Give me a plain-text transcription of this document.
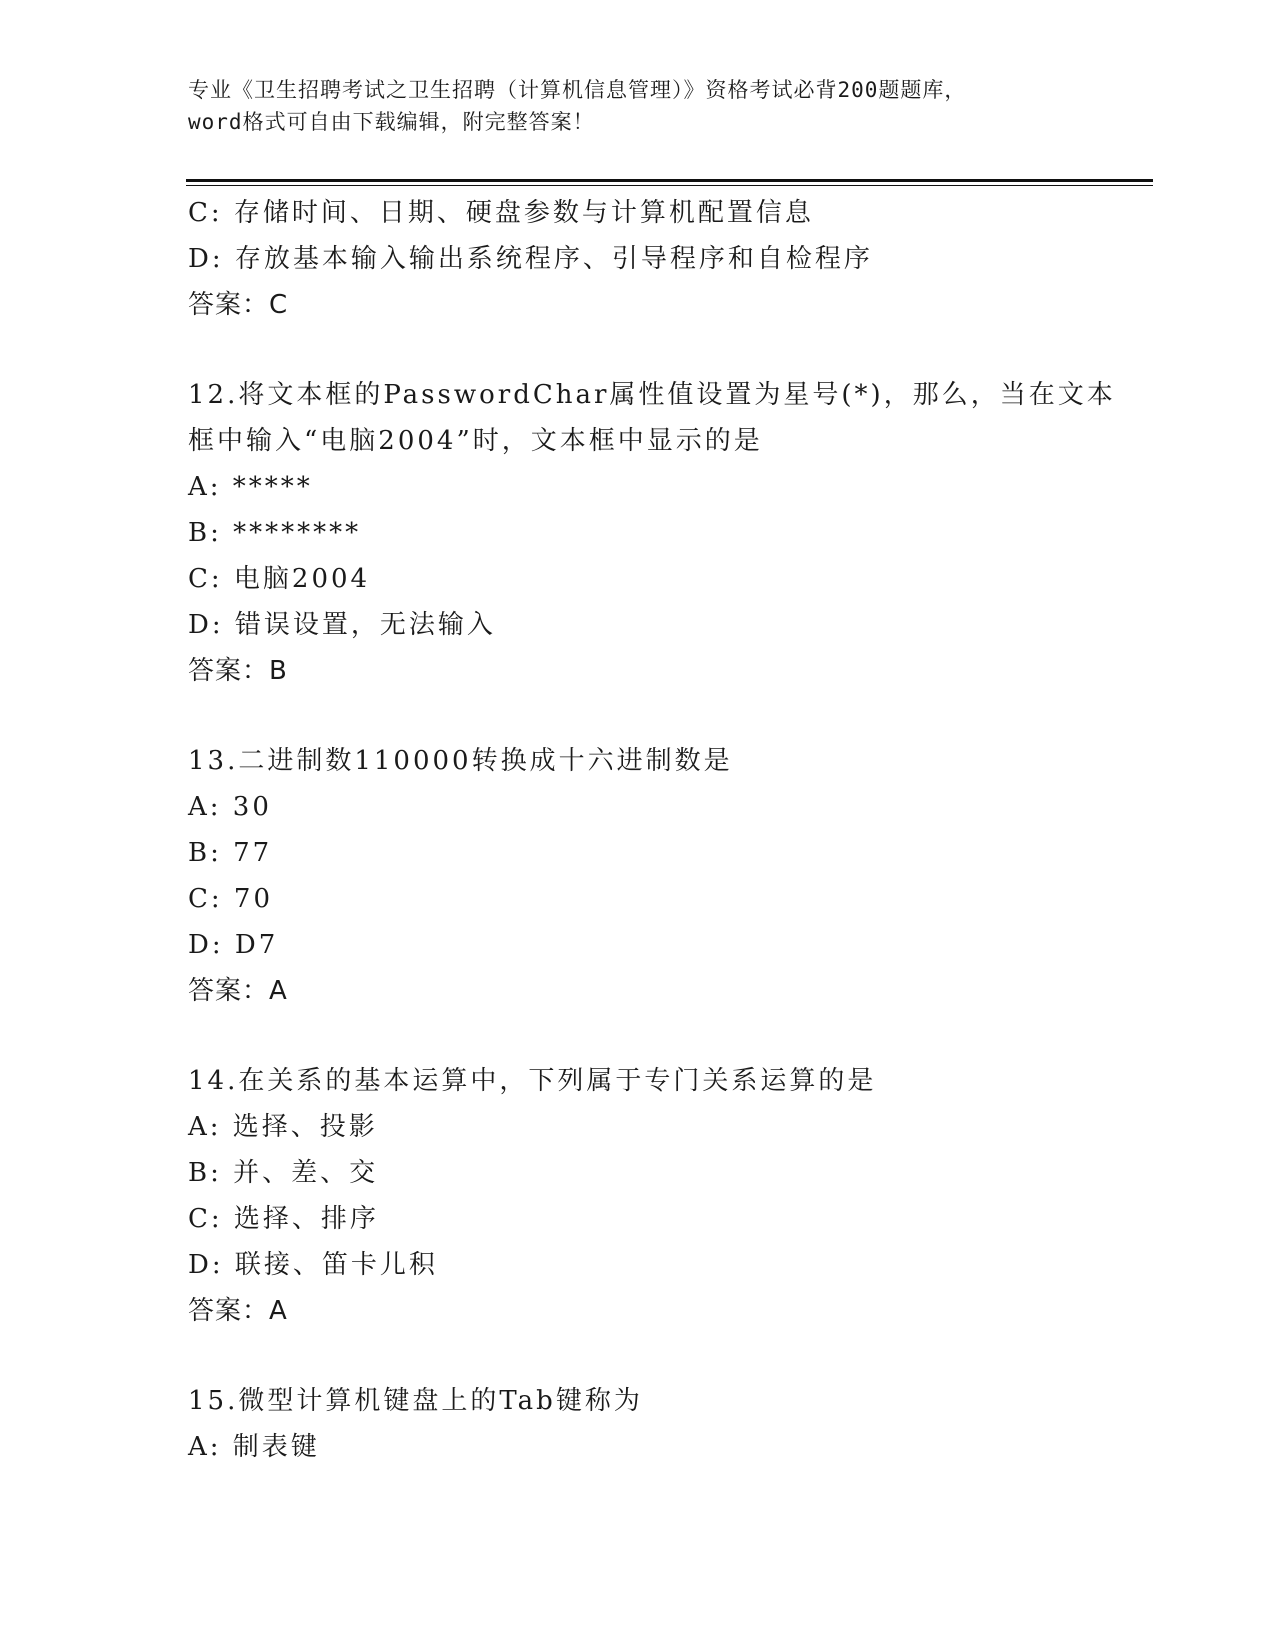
专业《卫生招聘考试之卫生招聘（计算机信息管理）》资格考试必背200题题库，
word格式可自由下载编辑，附完整答案！
C: 存储时间、日期、硬盘参数与计算机配置信息
D: 存放基本输入输出系统程序、引导程序和自检程序
答案：C
12.将文本框的PasswordChar属性值设置为星号(*)，那么，当在文本
框中输入“电脑2004”时，文本框中显示的是
A: *****
B: ********
C: 电脑2004
D: 错误设置，无法输入
答案：B
13.二进制数110000转换成十六进制数是
A: 30
B: 77
C: 70
D: D7
答案：A
14.在关系的基本运算中，下列属于专门关系运算的是
A: 选择、投影
B: 并、差、交
C: 选择、排序
D: 联接、笛卡儿积
答案：A
15.微型计算机键盘上的Tab键称为
A: 制表键
